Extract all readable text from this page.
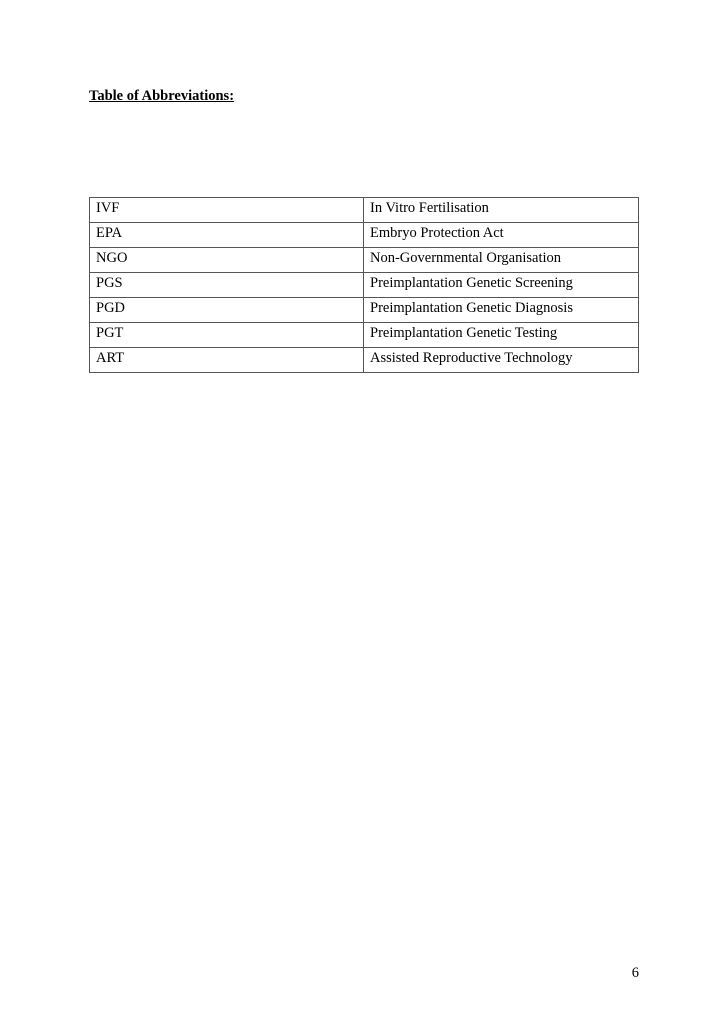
Table of Abbreviations:
IVF	In Vitro Fertilisation
EPA	Embryo Protection Act
NGO	Non-Governmental Organisation
PGS	Preimplantation Genetic Screening
PGD	Preimplantation Genetic Diagnosis
PGT	Preimplantation Genetic Testing
ART	Assisted Reproductive Technology
6
